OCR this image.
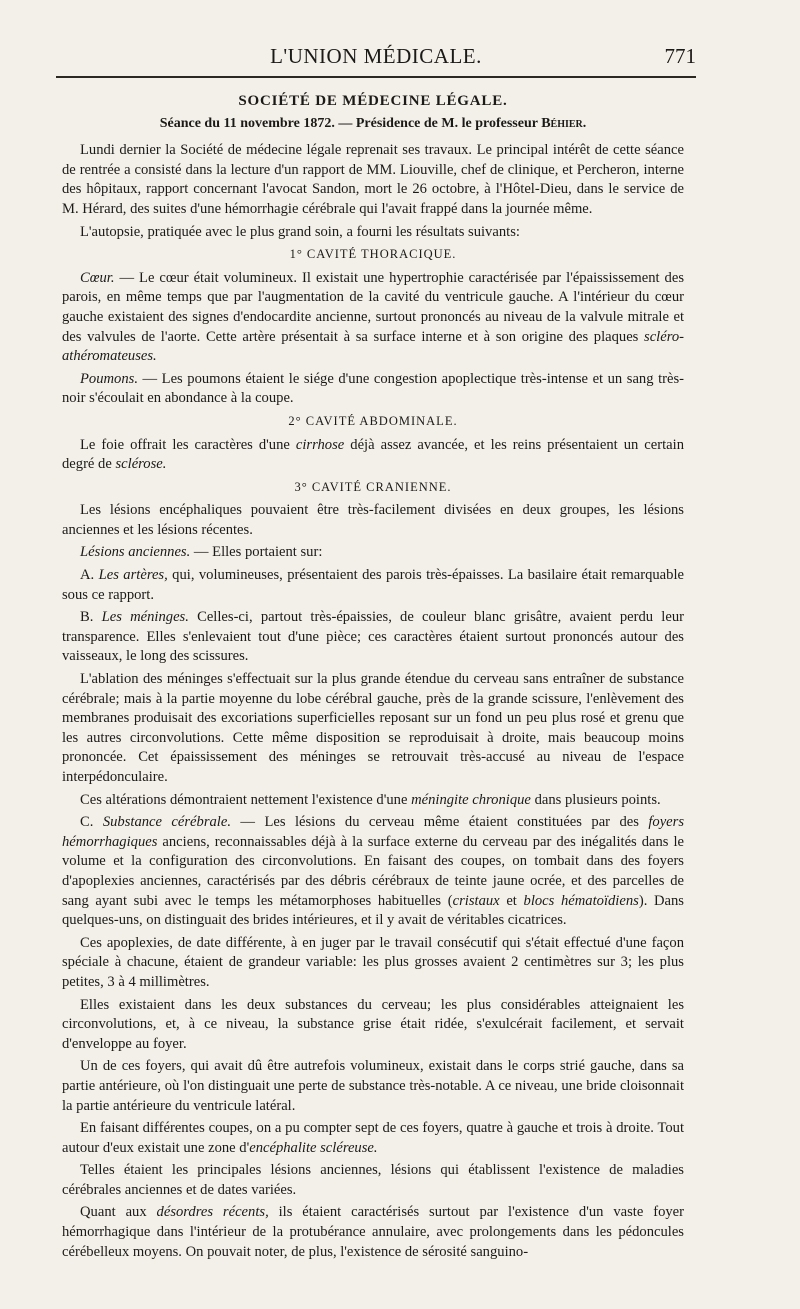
L'UNION MÉDICALE.	771
SOCIÉTÉ DE MÉDECINE LÉGALE.
Séance du 11 novembre 1872. — Présidence de M. le professeur Béhier.

Lundi dernier la Société de médecine légale reprenait ses travaux. Le principal intérêt de cette séance de rentrée a consisté dans la lecture d'un rapport de MM. Liouville, chef de clinique, et Percheron, interne des hôpitaux, rapport concernant l'avocat Sandon, mort le 26 octobre, à l'Hôtel-Dieu, dans le service de M. Hérard, des suites d'une hémorrhagie cérébrale qui l'avait frappé dans la journée même.

L'autopsie, pratiquée avec le plus grand soin, a fourni les résultats suivants:

1° CAVITÉ THORACIQUE.

Cœur. — Le cœur était volumineux. Il existait une hypertrophie caractérisée par l'épaississement des parois, en même temps que par l'augmentation de la cavité du ventricule gauche. A l'intérieur du cœur gauche existaient des signes d'endocardite ancienne, surtout prononcés au niveau de la valvule mitrale et des valvules de l'aorte. Cette artère présentait à sa surface interne et à son origine des plaques scléro-athéromateuses.

Poumons. — Les poumons étaient le siége d'une congestion apoplectique très-intense et un sang très-noir s'écoulait en abondance à la coupe.

2° CAVITÉ ABDOMINALE.

Le foie offrait les caractères d'une cirrhose déjà assez avancée, et les reins présentaient un certain degré de sclérose.

3° CAVITÉ CRANIENNE.

Les lésions encéphaliques pouvaient être très-facilement divisées en deux groupes, les lésions anciennes et les lésions récentes.

Lésions anciennes. — Elles portaient sur:

A. Les artères, qui, volumineuses, présentaient des parois très-épaisses. La basilaire était remarquable sous ce rapport.

B. Les méninges. Celles-ci, partout très-épaissies, de couleur blanc grisâtre, avaient perdu leur transparence. Elles s'enlevaient tout d'une pièce; ces caractères étaient surtout prononcés autour des vaisseaux, le long des scissures.

L'ablation des méninges s'effectuait sur la plus grande étendue du cerveau sans entraîner de substance cérébrale; mais à la partie moyenne du lobe cérébral gauche, près de la grande scissure, l'enlèvement des membranes produisait des excoriations superficielles reposant sur un fond un peu plus rosé et grenu que les autres circonvolutions. Cette même disposition se reproduisait à droite, mais beaucoup moins prononcée. Cet épaississement des méninges se retrouvait très-accusé au niveau de l'espace interpédonculaire.

Ces altérations démontraient nettement l'existence d'une méningite chronique dans plusieurs points.

C. Substance cérébrale. — Les lésions du cerveau même étaient constituées par des foyers hémorrhagiques anciens, reconnaissables déjà à la surface externe du cerveau par des inégalités dans le volume et la configuration des circonvolutions. En faisant des coupes, on tombait dans des foyers d'apoplexies anciennes, caractérisés par des débris cérébraux de teinte jaune ocrée, et des parcelles de sang ayant subi avec le temps les métamorphoses habituelles (cristaux et blocs hématoïdiens). Dans quelques-uns, on distinguait des brides intérieures, et il y avait de véritables cicatrices.

Ces apoplexies, de date différente, à en juger par le travail consécutif qui s'était effectué d'une façon spéciale à chacune, étaient de grandeur variable: les plus grosses avaient 2 centimètres sur 3; les plus petites, 3 à 4 millimètres.

Elles existaient dans les deux substances du cerveau; les plus considérables atteignaient les circonvolutions, et, à ce niveau, la substance grise était ridée, s'exulcérait facilement, et servait d'enveloppe au foyer.

Un de ces foyers, qui avait dû être autrefois volumineux, existait dans le corps strié gauche, dans sa partie antérieure, où l'on distinguait une perte de substance très-notable. A ce niveau, une bride cloisonnait la partie antérieure du ventricule latéral.

En faisant différentes coupes, on a pu compter sept de ces foyers, quatre à gauche et trois à droite. Tout autour d'eux existait une zone d'encéphalite scléreuse.

Telles étaient les principales lésions anciennes, lésions qui établissent l'existence de maladies cérébrales anciennes et de dates variées.

Quant aux désordres récents, ils étaient caractérisés surtout par l'existence d'un vaste foyer hémorrhagique dans l'intérieur de la protubérance annulaire, avec prolongements dans les pédoncules cérébelleux moyens. On pouvait noter, de plus, l'existence de sérosité sanguino-
